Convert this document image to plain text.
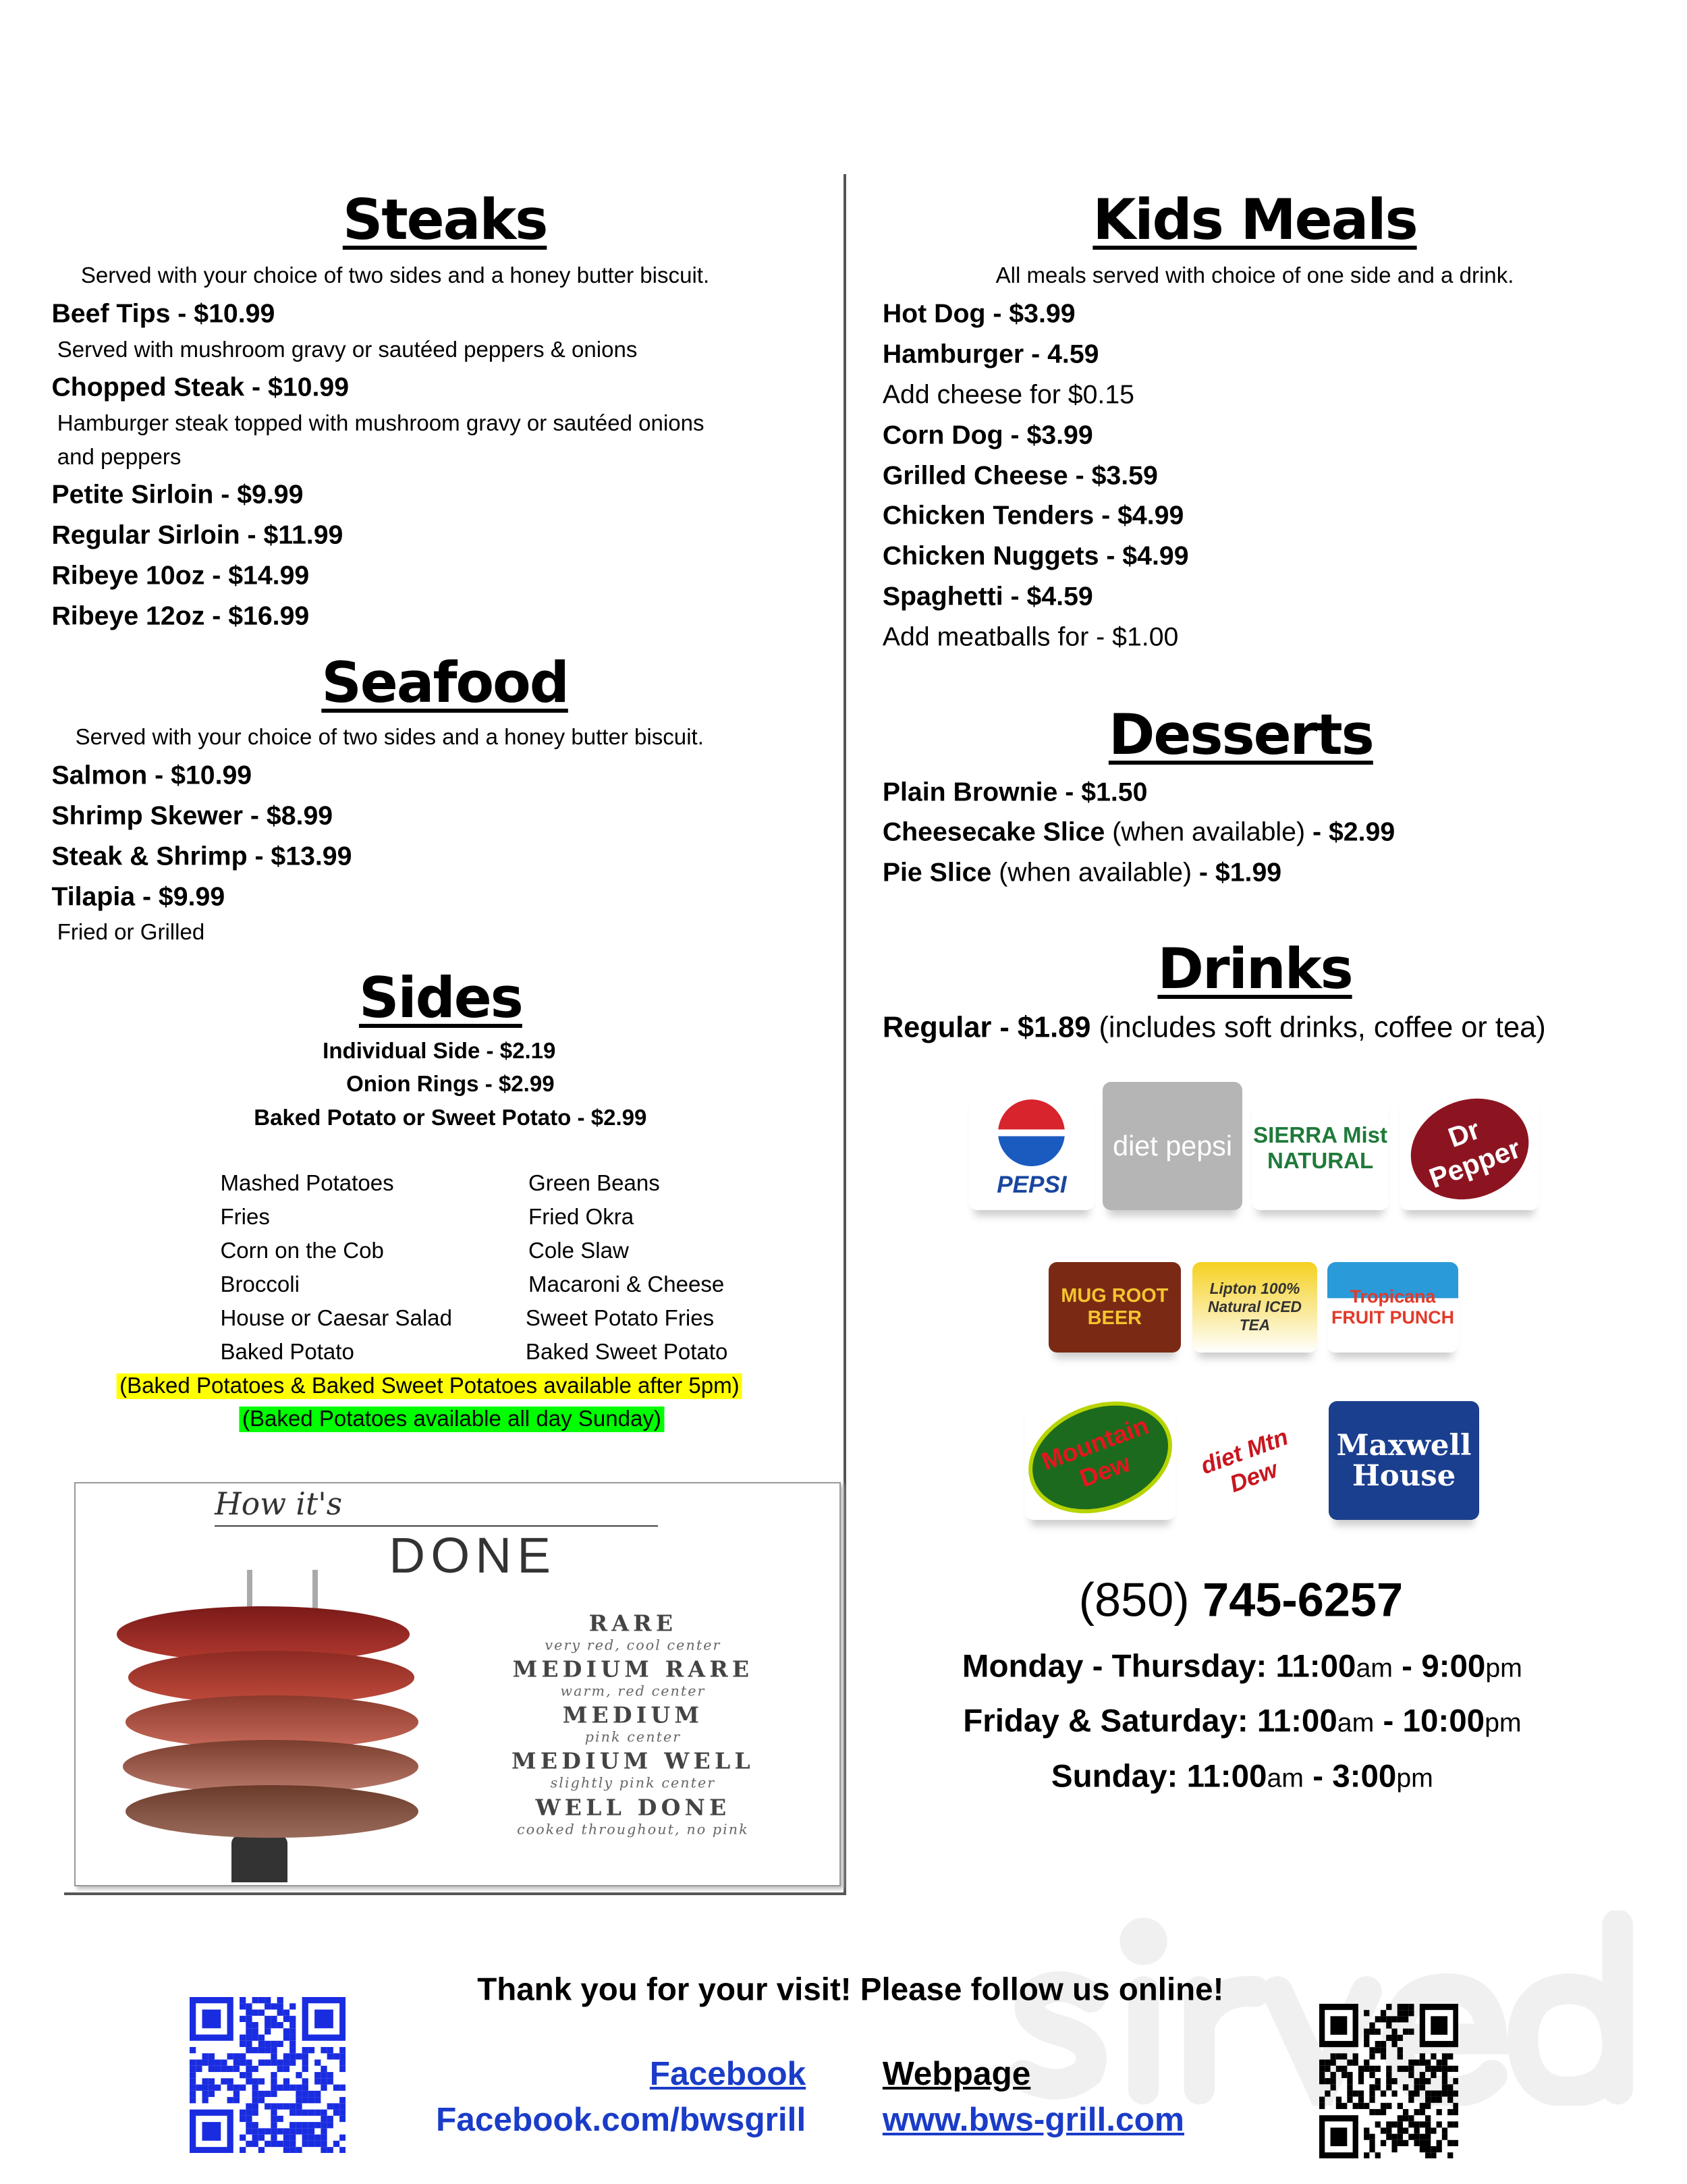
Steaks
Served with your choice of two sides and a honey butter biscuit.
Beef Tips - $10.99
Served with mushroom gravy or sautéed peppers & onions
Chopped Steak - $10.99
Hamburger steak topped with mushroom gravy or sautéed onions
and peppers
Petite Sirloin - $9.99
Regular Sirloin - $11.99
Ribeye 10oz - $14.99
Ribeye 12oz - $16.99
Seafood
Served with your choice of two sides and a honey butter biscuit.
Salmon - $10.99
Shrimp Skewer - $8.99
Steak & Shrimp - $13.99
Tilapia - $9.99
Fried or Grilled
Sides
Individual Side - $2.19
Onion Rings - $2.99
Baked Potato or Sweet Potato - $2.99
Mashed Potatoes
Fries
Corn on the Cob
Broccoli
House or Caesar Salad
Baked Potato
Green Beans
Fried Okra
Cole Slaw
Macaroni & Cheese
Sweet Potato Fries
Baked Sweet Potato
(Baked Potatoes & Baked Sweet Potatoes available after 5pm)
(Baked Potatoes available all day Sunday)
How it's
DONE
RARE
very red, cool center
MEDIUM RARE
warm, red center
MEDIUM
pink center
MEDIUM WELL
slightly pink center
WELL DONE
cooked throughout, no pink
Kids Meals
All meals served with choice of one side and a drink.
Hot Dog - $3.99
Hamburger - 4.59
Add cheese for $0.15
Corn Dog - $3.99
Grilled Cheese - $3.59
Chicken Tenders - $4.99
Chicken Nuggets - $4.99
Spaghetti - $4.59
Add meatballs for - $1.00
Desserts
Plain Brownie - $1.50
Cheesecake Slice (when available) - $2.99
Pie Slice (when available) - $1.99
Drinks
Regular - $1.89 (includes soft drinks, coffee or tea)
PEPSI
diet pepsi SIERRA Mist NATURAL
Dr Pepper
MUG ROOT BEER
Lipton 100% Natural ICED TEA
Tropicana FRUIT PUNCH
Mountain Dew	diet Mtn Dew
Maxwell House
(850) 745-6257
Monday - Thursday: 11:00am - 9:00pm
Friday & Saturday: 11:00am - 10:00pm
Sunday: 11:00am - 3:00pm
Thank you for your visit! Please follow us online!
Facebook
Facebook.com/bwsgrill
Webpage
www.bws-grill.com
